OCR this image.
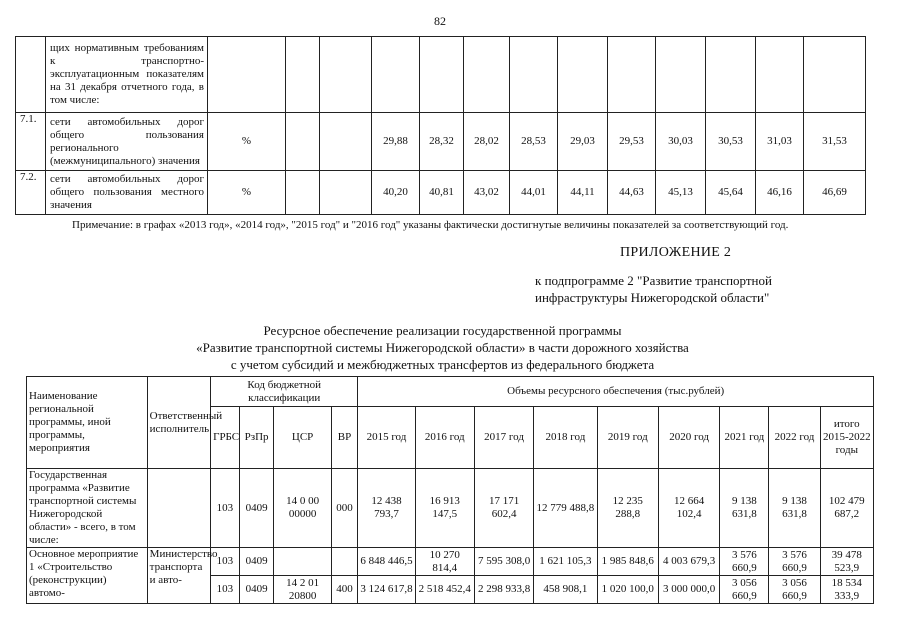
82
	щих нормативным требованиям к транспортно-эксплуатационным показателям на 31 декабря отчетного года, в том числе:													
7.1.	сети автомобильных дорог общего пользования регионального (межмуниципального) значения	%			29,88	28,32	28,02	28,53	29,03	29,53	30,03	30,53	31,03	31,53
7.2.	сети автомобильных дорог общего пользования местного значения	%			40,20	40,81	43,02	44,01	44,11	44,63	45,13	45,64	46,16	46,69
Примечание: в графах «2013 год», «2014 год», "2015 год" и "2016 год" указаны фактически достигнутые величины показателей за соответствующий год.
ПРИЛОЖЕНИЕ 2
к подпрограмме 2 "Развитие транспортной
инфраструктуры Нижегородской области"
Ресурсное обеспечение реализации государственной программы
«Развитие транспортной системы Нижегородской области» в части дорожного хозяйства
с учетом субсидий и межбюджетных трансфертов из федерального бюджета
Наименование региональной программы, иной программы, мероприятия	Ответственный исполнитель	Код бюджетной классификации				Объемы ресурсного обеспечения (тыс.рублей)								
		ГРБС	РзПр	ЦСР	ВР	2015 год	2016 год	2017 год	2018 год	2019 год	2020 год	2021 год	2022 год	итого 2015-2022 годы
Государственная программа «Развитие транспортной системы Нижегородской области» - всего, в том числе:		103	0409	14 0 00 00000	000	12 438 793,7	16 913 147,5	17 171 602,4	12 779 488,8	12 235 288,8	12 664 102,4	9 138 631,8	9 138 631,8	102 479 687,2
Основное мероприятие 1 «Строительство (реконструкции) автомо-	Министерство транспорта и авто-	103	0409			6 848 446,5	10 270 814,4	7 595 308,0	1 621 105,3	1 985 848,6	4 003 679,3	3 576 660,9	3 576 660,9	39 478 523,9
		103	0409	14 2 01 20800	400	3 124 617,8	2 518 452,4	2 298 933,8	458 908,1	1 020 100,0	3 000 000,0	3 056 660,9	3 056 660,9	18 534 333,9
